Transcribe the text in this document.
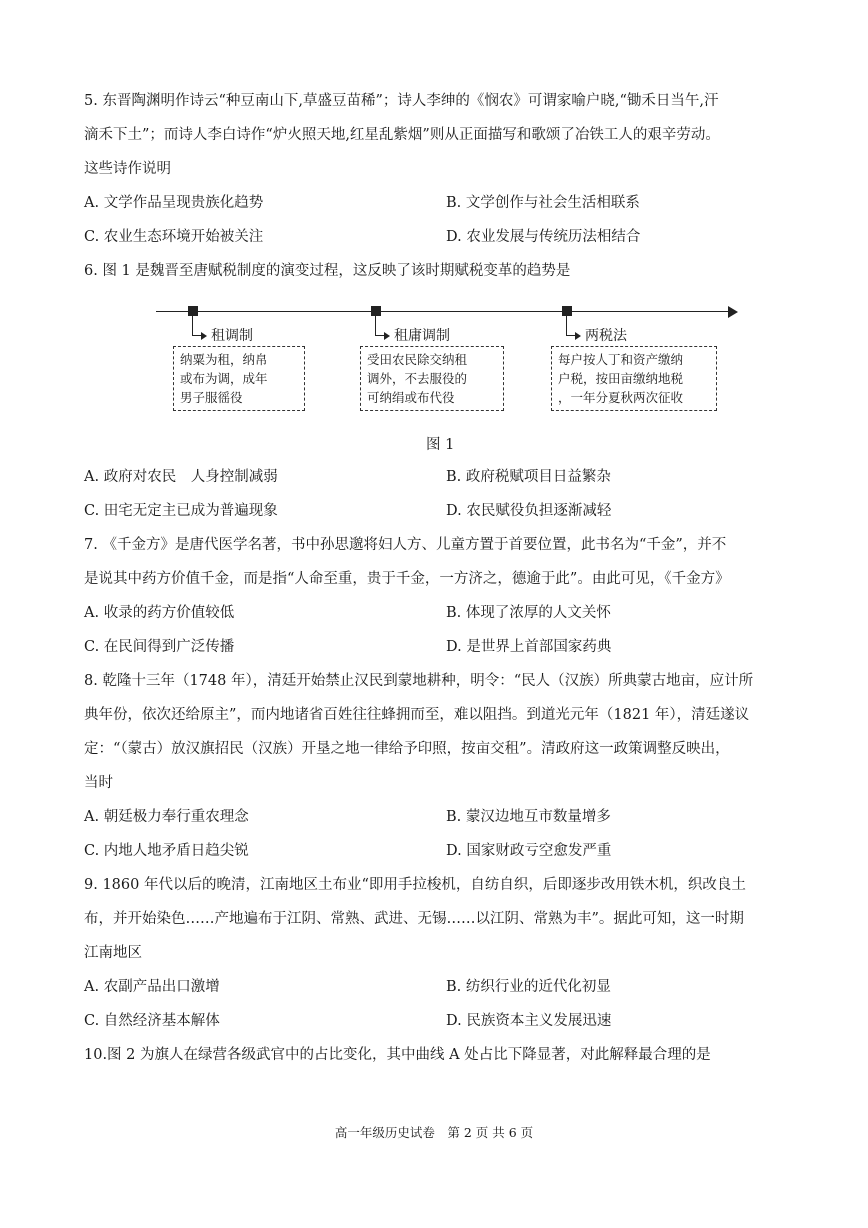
5. 东晋陶渊明作诗云“种豆南山下,草盛豆苗稀”；诗人李绅的《悯农》可谓家喻户晓,“锄禾日当午,汗
滴禾下土”；而诗人李白诗作“炉火照天地,红星乱紫烟”则从正面描写和歌颂了冶铁工人的艰辛劳动。
这些诗作说明
A. 文学作品呈现贵族化趋势	B. 文学创作与社会生活相联系
C. 农业生态环境开始被关注	D. 农业发展与传统历法相结合
6. 图 1 是魏晋至唐赋税制度的演变过程，这反映了该时期赋税变革的趋势是
租调制
纳粟为租，纳帛
或布为调，成年
男子服徭役
租庸调制
受田农民除交纳租
调外，不去服役的
可纳绢或布代役
两税法
每户按人丁和资产缴纳
户税，按田亩缴纳地税
，一年分夏秋两次征收
图 1
A. 政府对农民　人身控制减弱	B. 政府税赋项目日益繁杂
C. 田宅无定主已成为普遍现象	D. 农民赋役负担逐渐减轻
7. 《千金方》是唐代医学名著，书中孙思邈将妇人方、儿童方置于首要位置，此书名为“千金”，并不
是说其中药方价值千金，而是指“人命至重，贵于千金，一方济之，德逾于此”。由此可见，《千金方》
A. 收录的药方价值较低	B. 体现了浓厚的人文关怀
C. 在民间得到广泛传播	D. 是世界上首部国家药典
8. 乾隆十三年（1748 年），清廷开始禁止汉民到蒙地耕种，明令：“民人（汉族）所典蒙古地亩，应计所
典年份，依次还给原主”，而内地诸省百姓往往蜂拥而至，难以阻挡。到道光元年（1821 年），清廷遂议
定：“（蒙古）放汉旗招民（汉族）开垦之地一律给予印照，按亩交租”。清政府这一政策调整反映出，
当时
A. 朝廷极力奉行重农理念	B. 蒙汉边地互市数量增多
C. 内地人地矛盾日趋尖锐	D. 国家财政亏空愈发严重
9. 1860 年代以后的晚清，江南地区土布业“即用手拉梭机，自纺自织，后即逐步改用铁木机，织改良土
布，并开始染色……产地遍布于江阴、常熟、武进、无锡……以江阴、常熟为丰”。据此可知，这一时期
江南地区
A. 农副产品出口激增	B. 纺织行业的近代化初显
C. 自然经济基本解体	D. 民族资本主义发展迅速
10.图 2 为旗人在绿营各级武官中的占比变化，其中曲线 A 处占比下降显著，对此解释最合理的是
高一年级历史试卷　第 2 页 共 6 页
